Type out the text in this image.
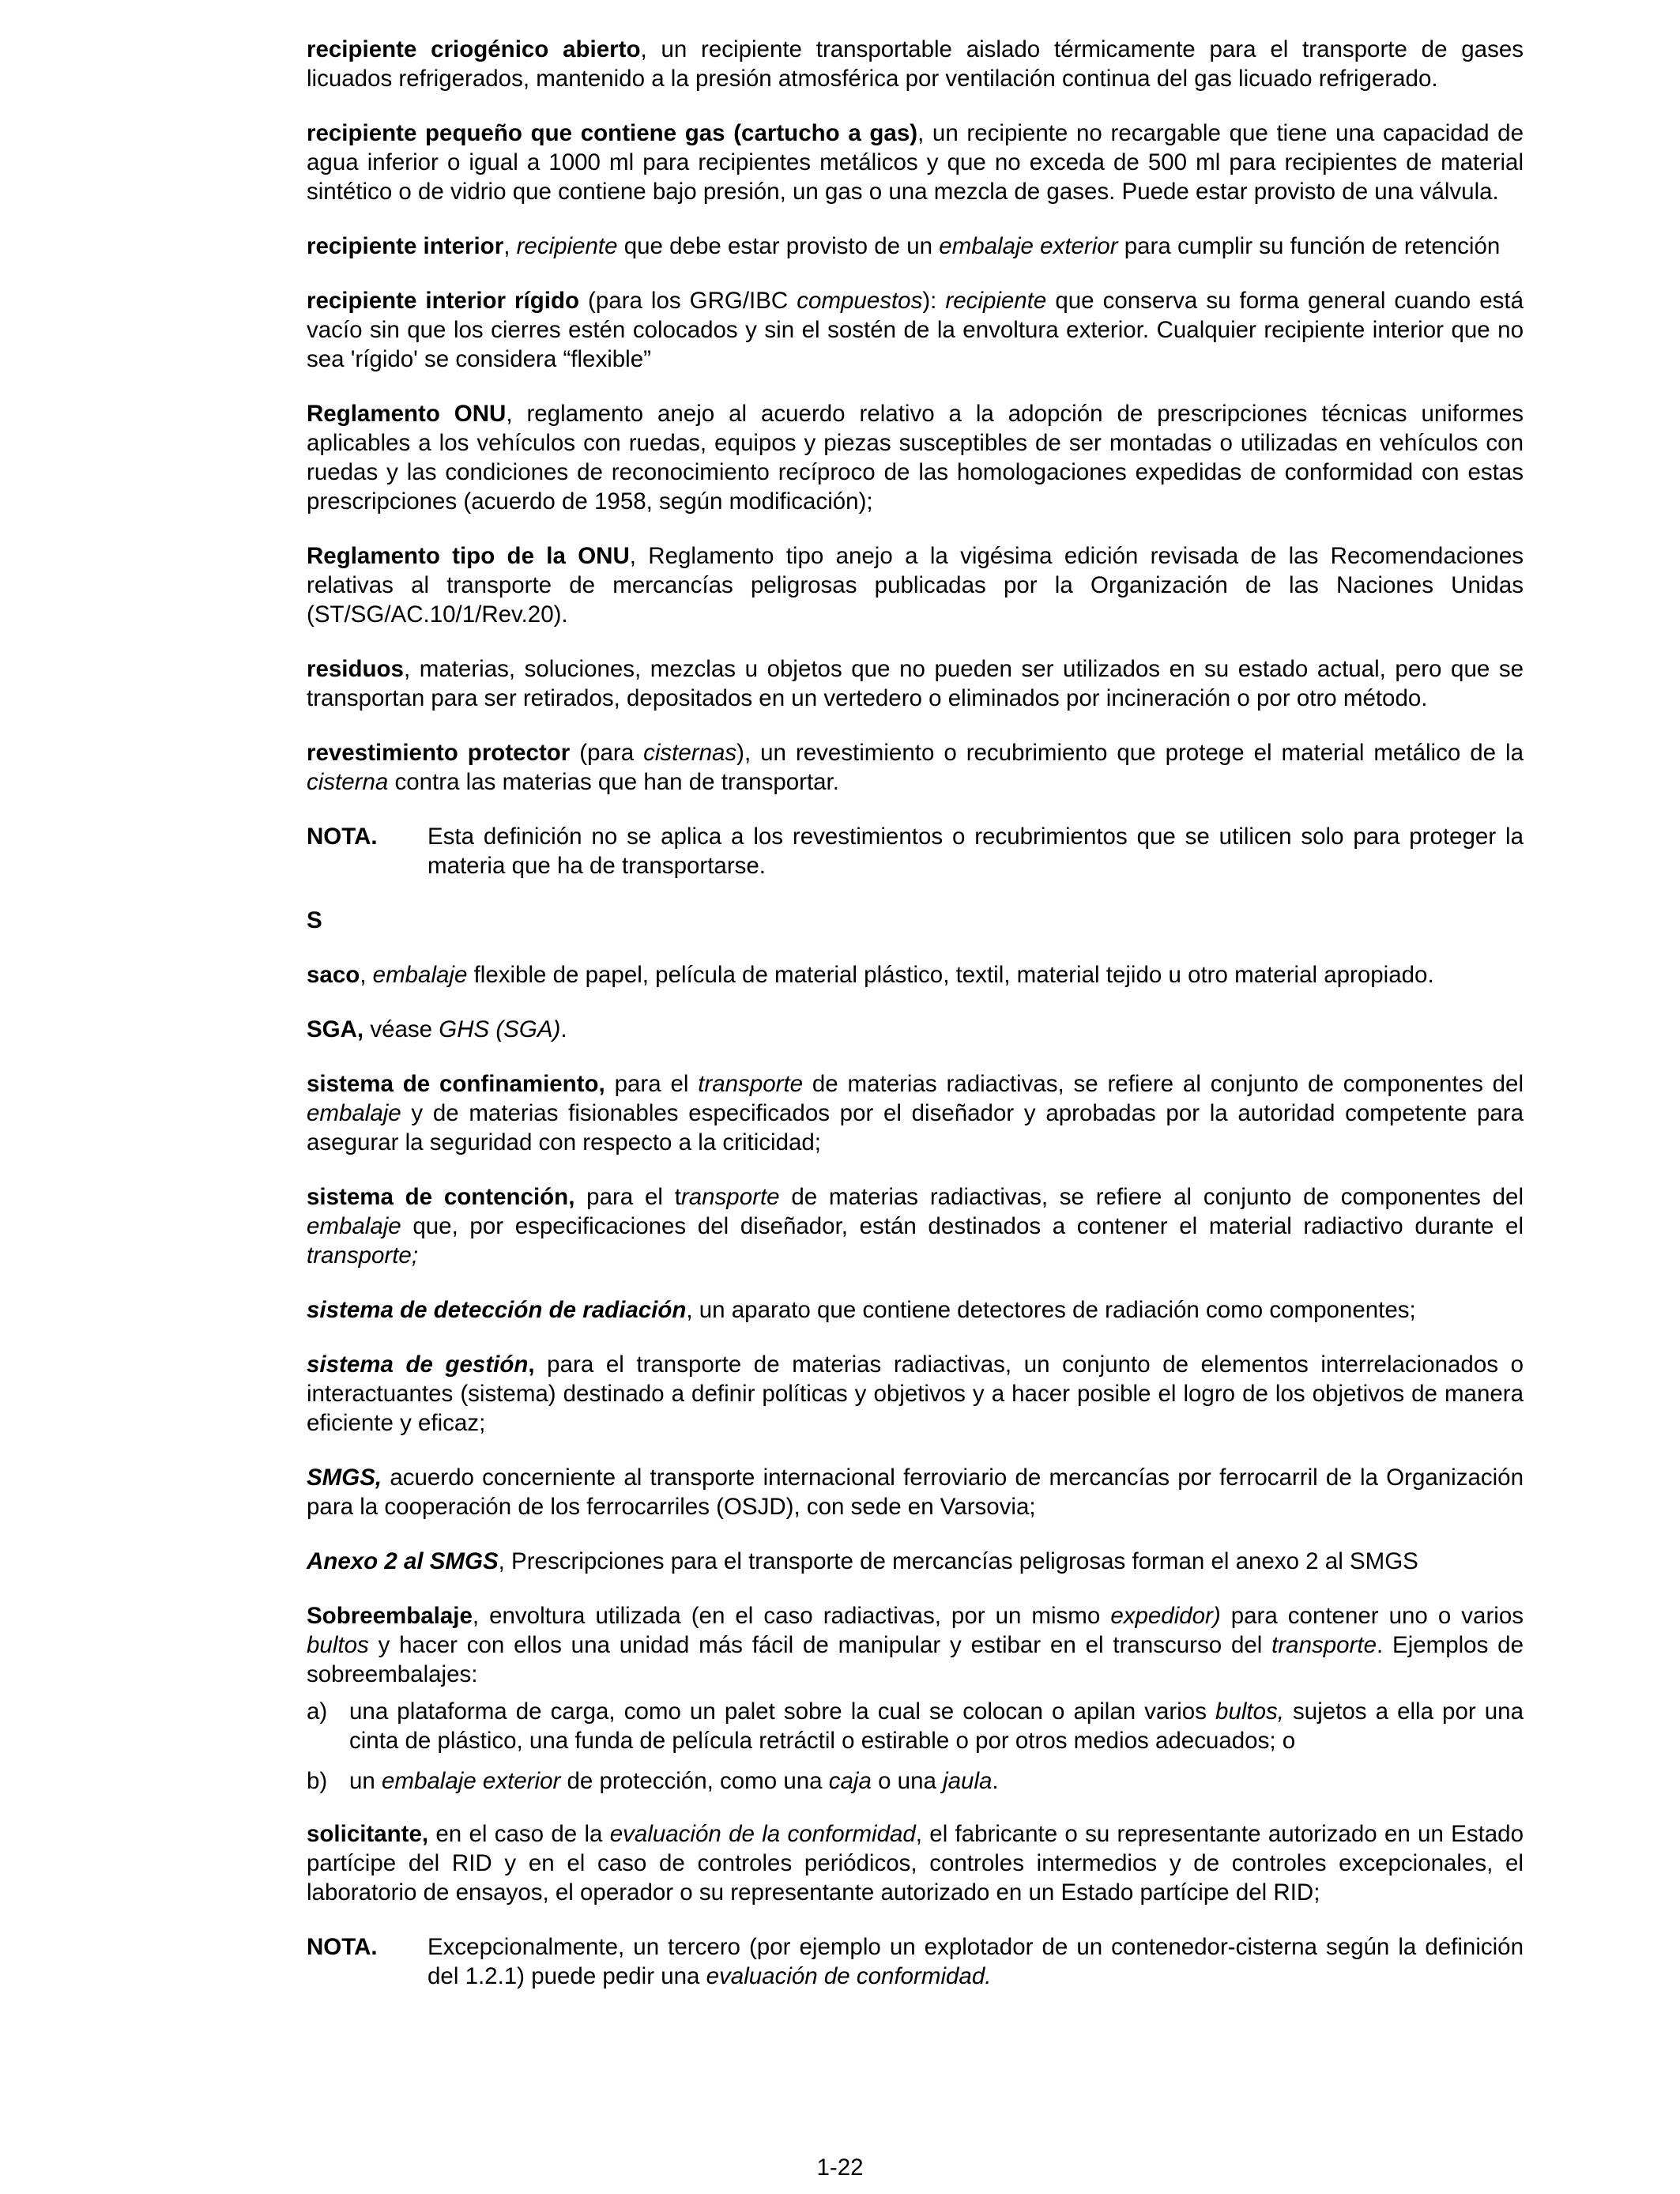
recipiente criogénico abierto, un recipiente transportable aislado térmicamente para el transporte de gases licuados refrigerados, mantenido a la presión atmosférica por ventilación continua del gas licuado refrigerado.

recipiente pequeño que contiene gas (cartucho a gas), un recipiente no recargable que tiene una capacidad de agua inferior o igual a 1000 ml para recipientes metálicos y que no exceda de 500 ml para recipientes de material sintético o de vidrio que contiene bajo presión, un gas o una mezcla de gases. Puede estar provisto de una válvula.

recipiente interior, recipiente que debe estar provisto de un embalaje exterior para cumplir su función de retención

recipiente interior rígido (para los GRG/IBC compuestos): recipiente que conserva su forma general cuando está vacío sin que los cierres estén colocados y sin el sostén de la envoltura exterior. Cualquier recipiente interior que no sea 'rígido' se considera “flexible”

Reglamento ONU, reglamento anejo al acuerdo relativo a la adopción de prescripciones técnicas uniformes aplicables a los vehículos con ruedas, equipos y piezas susceptibles de ser montadas o utilizadas en vehículos con ruedas y las condiciones de reconocimiento recíproco de las homologaciones expedidas de conformidad con estas prescripciones (acuerdo de 1958, según modificación);

Reglamento tipo de la ONU, Reglamento tipo anejo a la vigésima edición revisada de las Recomendaciones relativas al transporte de mercancías peligrosas publicadas por la Organización de las Naciones Unidas (ST/SG/AC.10/1/Rev.20).

residuos, materias, soluciones, mezclas u objetos que no pueden ser utilizados en su estado actual, pero que se transportan para ser retirados, depositados en un vertedero o eliminados por incineración o por otro método.

revestimiento protector (para cisternas), un revestimiento o recubrimiento que protege el material metálico de la cisterna contra las materias que han de transportar.

NOTA.	Esta definición no se aplica a los revestimientos o recubrimientos que se utilicen solo para proteger la materia que ha de transportarse.
S

saco, embalaje flexible de papel, película de material plástico, textil, material tejido u otro material apropiado.

SGA, véase GHS (SGA).

sistema de confinamiento, para el transporte de materias radiactivas, se refiere al conjunto de componentes del embalaje y de materias fisionables especificados por el diseñador y aprobadas por la autoridad competente para asegurar la seguridad con respecto a la criticidad;

sistema de contención, para el transporte de materias radiactivas, se refiere al conjunto de componentes del embalaje que, por especificaciones del diseñador, están destinados a contener el material radiactivo durante el transporte;

sistema de detección de radiación, un aparato que contiene detectores de radiación como componentes;

sistema de gestión, para el transporte de materias radiactivas, un conjunto de elementos interrelacionados o interactuantes (sistema) destinado a definir políticas y objetivos y a hacer posible el logro de los objetivos de manera eficiente y eficaz;

SMGS, acuerdo concerniente al transporte internacional ferroviario de mercancías por ferrocarril de la Organización para la cooperación de los ferrocarriles (OSJD), con sede en Varsovia;

Anexo 2 al SMGS, Prescripciones para el transporte de mercancías peligrosas forman el anexo 2 al SMGS

Sobreembalaje, envoltura utilizada (en el caso radiactivas, por un mismo expedidor) para contener uno o varios bultos y hacer con ellos una unidad más fácil de manipular y estibar en el transcurso del transporte. Ejemplos de sobreembalajes:

a) una plataforma de carga, como un palet sobre la cual se colocan o apilan varios bultos, sujetos a ella por una cinta de plástico, una funda de película retráctil o estirable o por otros medios adecuados; o
b) un embalaje exterior de protección, como una caja o una jaula.

solicitante, en el caso de la evaluación de la conformidad, el fabricante o su representante autorizado en un Estado partícipe del RID y en el caso de controles periódicos, controles intermedios y de controles excepcionales, el laboratorio de ensayos, el operador o su representante autorizado en un Estado partícipe del RID;

NOTA.	Excepcionalmente, un tercero (por ejemplo un explotador de un contenedor-cisterna según la definición del 1.2.1) puede pedir una evaluación de conformidad.
1-22
